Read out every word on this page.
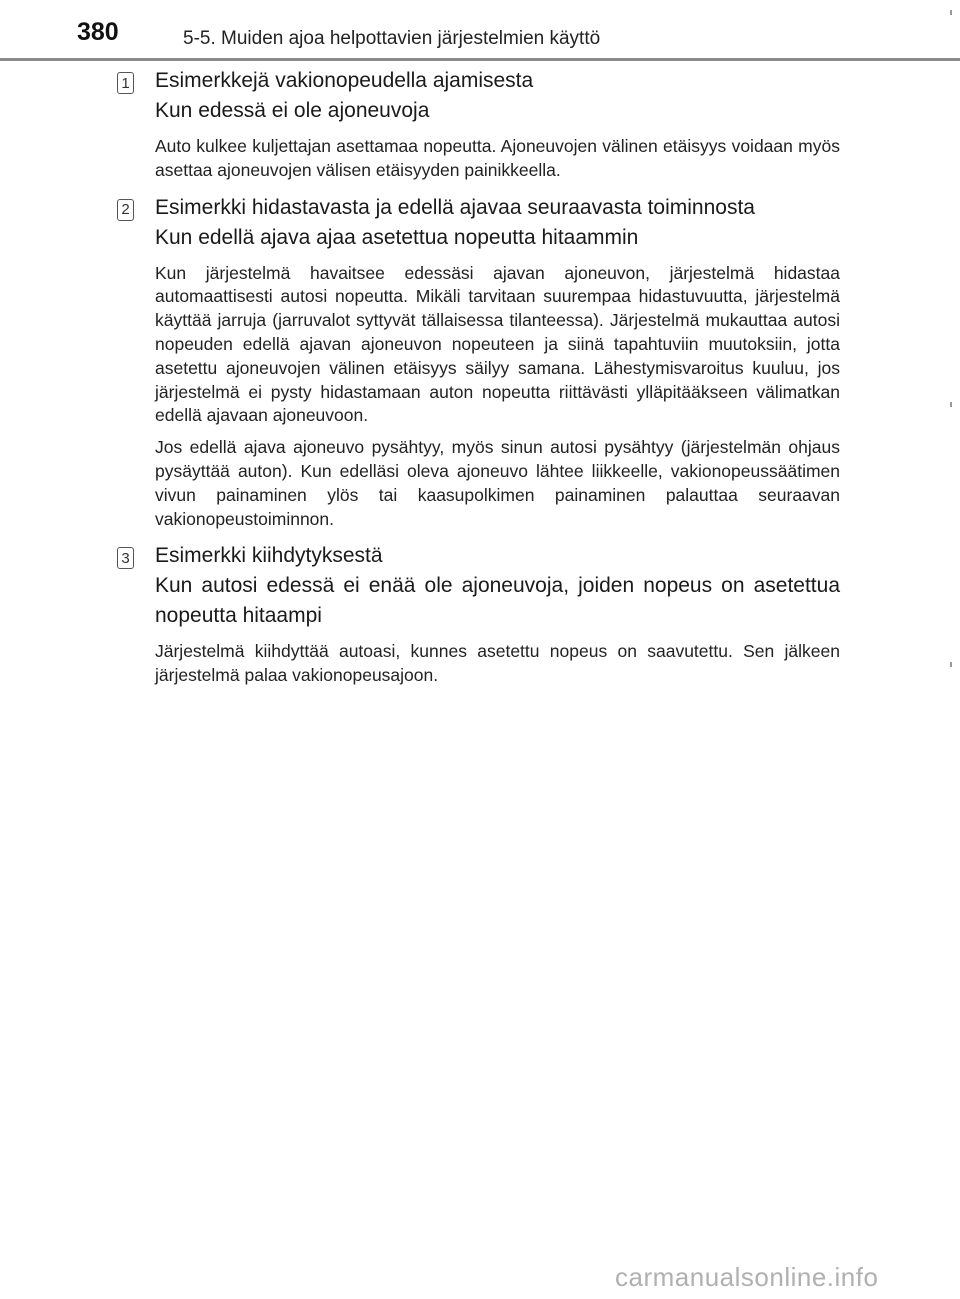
380	5-5. Muiden ajoa helpottavien järjestelmien käyttö
1 Esimerkkejä vakionopeudella ajamisesta
Kun edessä ei ole ajoneuvoja

Auto kulkee kuljettajan asettamaa nopeutta. Ajoneuvojen välinen etäisyys voidaan myös asettaa ajoneuvojen välisen etäisyyden painikkeella.

2 Esimerkki hidastavasta ja edellä ajavaa seuraavasta toiminnosta
Kun edellä ajava ajaa asetettua nopeutta hitaammin

Kun järjestelmä havaitsee edessäsi ajavan ajoneuvon, järjestelmä hidastaa automaattisesti autosi nopeutta. Mikäli tarvitaan suurempaa hidastuvuutta, järjestelmä käyttää jarruja (jarruvalot syttyvät tällaisessa tilanteessa). Järjestelmä mukauttaa autosi nopeuden edellä ajavan ajoneuvon nopeuteen ja siinä tapahtuviin muutoksiin, jotta asetettu ajoneuvojen välinen etäisyys säilyy samana. Lähestymisvaroitus kuuluu, jos järjestelmä ei pysty hidastamaan auton nopeutta riittävästi ylläpitääkseen välimatkan edellä ajavaan ajoneuvoon.

Jos edellä ajava ajoneuvo pysähtyy, myös sinun autosi pysähtyy (järjestelmän ohjaus pysäyttää auton). Kun edelläsi oleva ajoneuvo lähtee liikkeelle, vakionopeussäätimen vivun painaminen ylös tai kaasupolkimen painaminen palauttaa seuraavan vakionopeustoiminnon.

3 Esimerkki kiihdytyksestä
Kun autosi edessä ei enää ole ajoneuvoja, joiden nopeus on asetettua nopeutta hitaampi

Järjestelmä kiihdyttää autoasi, kunnes asetettu nopeus on saavutettu. Sen jälkeen järjestelmä palaa vakionopeusajoon.

carmanualsonline.info
